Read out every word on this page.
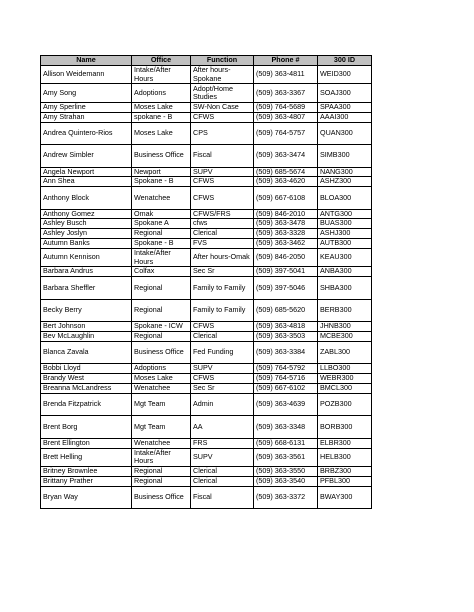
Name	Office	Function	Phone #	300 ID
Allison Weidemann	Intake/After Hours	After hours-Spokane	(509) 363-4811	WEID300
Amy Song	Adoptions	Adopt/Home Studies	(509) 363-3367	SOAJ300
Amy Sperline	Moses Lake	SW-Non Case	(509) 764-5689	SPAA300
Amy Strahan	spokane - B	CFWS	(509) 363-4807	AAAI300
Andrea Quintero-Rios	Moses Lake	CPS	(509) 764-5757	QUAN300
Andrew Simbler	Business Office	Fiscal	(509) 363-3474	SIMB300
Angela Newport	Newport	SUPV	(509) 685-5674	NANG300
Ann Shea	Spokane - B	CFWS	(509) 363-4620	ASHZ300
Anthony Block	Wenatchee	CFWS	(509) 667-6108	BLOA300
Anthony Gomez	Omak	CFWS/FRS	(509) 846-2010	ANTG300
Ashley Busch	Spokane A	cfws	(509) 363-3478	BUAS300
Ashley Joslyn	Regional	Clerical	(509) 363-3328	ASHJ300
Autumn Banks	Spokane - B	FVS	(509) 363-3462	AUTB300
Autumn Kennison	Intake/After Hours	After hours-Omak	(509) 846-2050	KEAU300
Barbara Andrus	Colfax	Sec Sr	(509) 397-5041	ANBA300
Barbara Sheffler	Regional	Family to Family	(509) 397-5046	SHBA300
Becky Berry	Regional	Family to Family	(509) 685-5620	BERB300
Bert Johnson	Spokane - ICW	CFWS	(509) 363-4818	JHNB300
Bev McLaughlin	Regional	Clerical	(509) 363-3503	MCBE300
Blanca Zavala	Business Office	Fed Funding	(509) 363-3384	ZABL300
Bobbi Lloyd	Adoptions	SUPV	(509) 764-5792	LLBO300
Brandy West	Moses Lake	CFWS	(509) 764-5716	WEBR300
Breanna McLandress	Wenatchee	Sec Sr	(509) 667-6102	BMCL300
Brenda Fitzpatrick	Mgt Team	Admin	(509) 363-4639	POZB300
Brent Borg	Mgt Team	AA	(509) 363-3348	BORB300
Brent Ellington	Wenatchee	FRS	(509) 668-6131	ELBR300
Brett Helling	Intake/After Hours	SUPV	(509) 363-3561	HELB300
Britney Brownlee	Regional	Clerical	(509) 363-3550	BRBZ300
Brittany Prather	Regional	Clerical	(509) 363-3540	PFBL300
Bryan Way	Business Office	Fiscal	(509) 363-3372	BWAY300
